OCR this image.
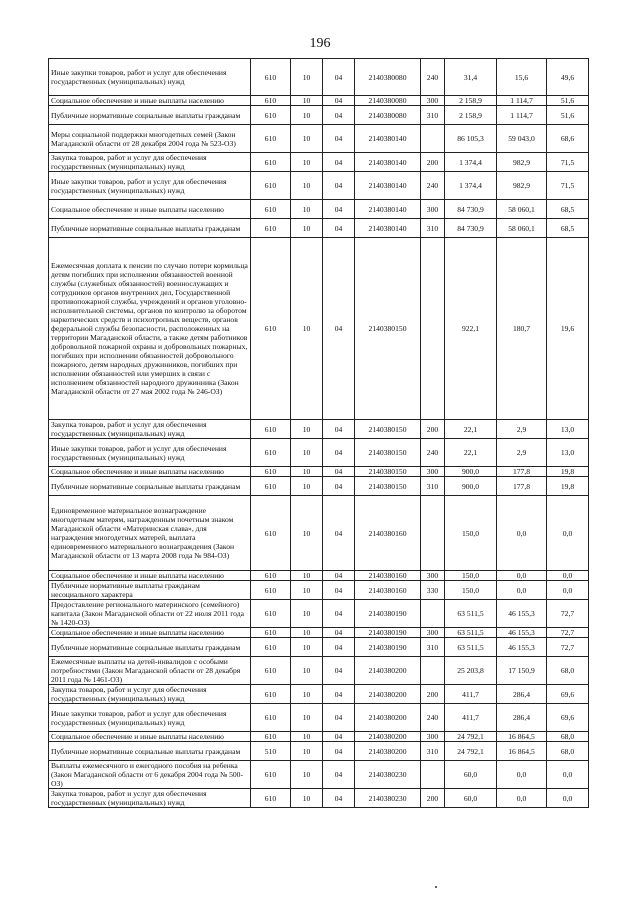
196
Иные закупки товаров, работ и услуг для обеспечения государственных (муниципальных) нужд	610	10	04	2140380080	240	31,4	15,6	49,6
Социальное обеспечение и иные выплаты населению	610	10	04	2140380080	300	2 158,9	1 114,7	51,6
Публичные нормативные социальные выплаты гражданам	610	10	04	2140380080	310	2 158,9	1 114,7	51,6
Меры социальной поддержки многодетных семей (Закон Магаданской области от 28 декабря 2004 года № 523-ОЗ)	610	10	04	2140380140		86 105,3	59 043,0	68,6
Закупка товаров, работ и услуг для обеспечения государственных (муниципальных) нужд	610	10	04	2140380140	200	1 374,4	982,9	71,5
Иные закупки товаров, работ и услуг для обеспечения государственных (муниципальных) нужд	610	10	04	2140380140	240	1 374,4	982,9	71,5
Социальное обеспечение и иные выплаты населению	610	10	04	2140380140	300	84 730,9	58 060,1	68,5
Публичные нормативные социальные выплаты гражданам	610	10	04	2140380140	310	84 730,9	58 060,1	68,5
Ежемесячная доплата к пенсии по случаю потери кормильца детям погибших при исполнении обязанностей военной службы (служебных обязанностей) военнослужащих и сотрудников органов внутренних дел, Государственной противопожарной службы, учреждений и органов уголовно-исполнительной системы, органов по контролю за оборотом наркотических средств и психотропных веществ, органов федеральной службы безопасности, расположенных на территории Магаданской области, а также детям работников добровольной пожарной охраны и добровольных пожарных, погибших при исполнении обязанностей добровольного пожарного, детям народных дружинников, погибших при исполнении обязанностей или умерших в связи с исполнением обязанностей народного дружинника (Закон Магаданской области от 27 мая 2002 года № 246-ОЗ)	610	10	04	2140380150		922,1	180,7	19,6
Закупка товаров, работ и услуг для обеспечения государственных (муниципальных) нужд	610	10	04	2140380150	200	22,1	2,9	13,0
Иные закупки товаров, работ и услуг для обеспечения государственных (муниципальных) нужд	610	10	04	2140380150	240	22,1	2,9	13,0
Социальное обеспечение и иные выплаты населению	610	10	04	2140380150	300	900,0	177,8	19,8
Публичные нормативные социальные выплаты гражданам	610	10	04	2140380150	310	900,0	177,8	19,8
Единовременное материальное вознаграждение многодетным матерям, награжденным почетным знаком Магаданской области «Материнская слава», для награждения многодетных матерей, выплата единовременного материального вознаграждения (Закон Магаданской области от 13 марта 2008 года № 984-ОЗ)	610	10	04	2140380160		150,0	0,0	0,0
Социальное обеспечение и иные выплаты населению	610	10	04	2140380160	300	150,0	0,0	0,0
Публичные нормативные выплаты гражданам несоциального характера	610	10	04	2140380160	330	150,0	0,0	0,0
Предоставление регионального материнского (семейного) капитала (Закон Магаданской области от 22 июля 2011 года № 1420-ОЗ)	610	10	04	2140380190		63 511,5	46 155,3	72,7
Социальное обеспечение и иные выплаты населению	610	10	04	2140380190	300	63 511,5	46 155,3	72,7
Публичные нормативные социальные выплаты гражданам	610	10	04	2140380190	310	63 511,5	46 155,3	72,7
Ежемесячные выплаты на детей-инвалидов с особыми потребностями (Закон Магаданской области от 28 декабря 2011 года № 1461-ОЗ)	610	10	04	2140380200		25 203,8	17 150,9	68,0
Закупка товаров, работ и услуг для обеспечения государственных (муниципальных) нужд	610	10	04	2140380200	200	411,7	286,4	69,6
Иные закупки товаров, работ и услуг для обеспечения государственных (муниципальных) нужд	610	10	04	2140380200	240	411,7	286,4	69,6
Социальное обеспечение и иные выплаты населению	610	10	04	2140380200	300	24 792,1	16 864,5	68,0
Публичные нормативные социальные выплаты гражданам	510	10	04	2140380200	310	24 792,1	16 864,5	68,0
Выплаты ежемесячного и ежегодного пособия на ребенка (Закон Магаданской области от 6 декабря 2004 года № 500-ОЗ)	610	10	04	2140380230		60,0	0,0	0,0
Закупка товаров, работ и услуг для обеспечения государственных (муниципальных) нужд	610	10	04	2140380230	200	60,0	0,0	0,0
